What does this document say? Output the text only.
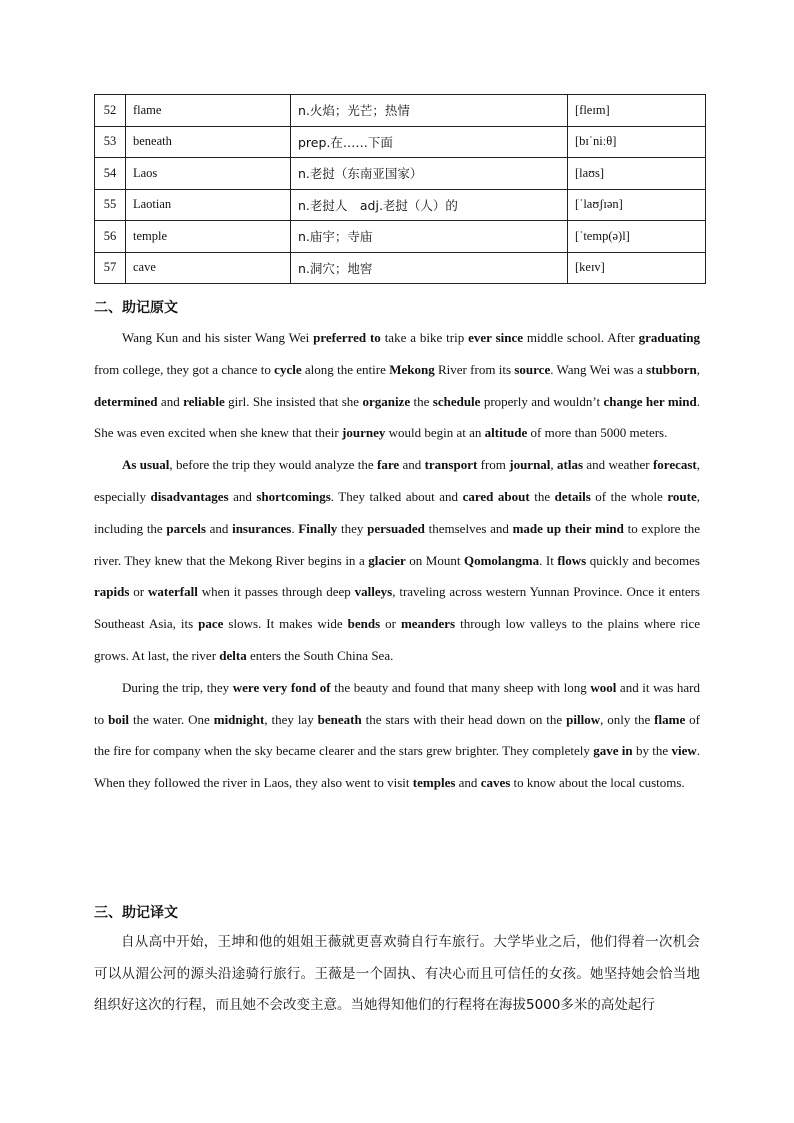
52	flame	n.火焰；光芒；热情	[fleɪm]
53	beneath	prep.在……下面	[bɪˈniːθ]
54	Laos	n.老挝（东南亚国家）	[laʊs]
55	Laotian	n.老挝人　adj.老挝（人）的	[ˈlaʊʃɪən]
56	temple	n.庙宇；寺庙	[ˈtemp(ə)l]
57	cave	n.洞穴；地窖	[keɪv]
二、助记原文

Wang Kun and his sister Wang Wei preferred to take a bike trip ever since middle school. After graduating from college, they got a chance to cycle along the entire Mekong River from its source. Wang Wei was a stubborn, determined and reliable girl. She insisted that she organize the schedule properly and wouldn’t change her mind. She was even excited when she knew that their journey would begin at an altitude of more than 5000 meters.

As usual, before the trip they would analyze the fare and transport from journal, atlas and weather forecast, especially disadvantages and shortcomings. They talked about and cared about the details of the whole route, including the parcels and insurances. Finally they persuaded themselves and made up their mind to explore the river. They knew that the Mekong River begins in a glacier on Mount Qomolangma. It flows quickly and becomes rapids or waterfall when it passes through deep valleys, traveling across western Yunnan Province. Once it enters Southeast Asia, its pace slows. It makes wide bends or meanders through low valleys to the plains where rice grows. At last, the river delta enters the South China Sea.

During the trip, they were very fond of the beauty and found that many sheep with long wool and it was hard to boil the water. One midnight, they lay beneath the stars with their head down on the pillow, only the flame of the fire for company when the sky became clearer and the stars grew brighter. They completely gave in by the view. When they followed the river in Laos, they also went to visit temples and caves to know about the local customs.

三、助记译文

自从高中开始，王坤和他的姐姐王薇就更喜欢骑自行车旅行。大学毕业之后，他们得着一次机会可以从湄公河的源头沿途骑行旅行。王薇是一个固执、有决心而且可信任的女孩。她坚持她会恰当地组织好这次的行程，而且她不会改变主意。当她得知他们的行程将在海拔5000多米的高处起行
